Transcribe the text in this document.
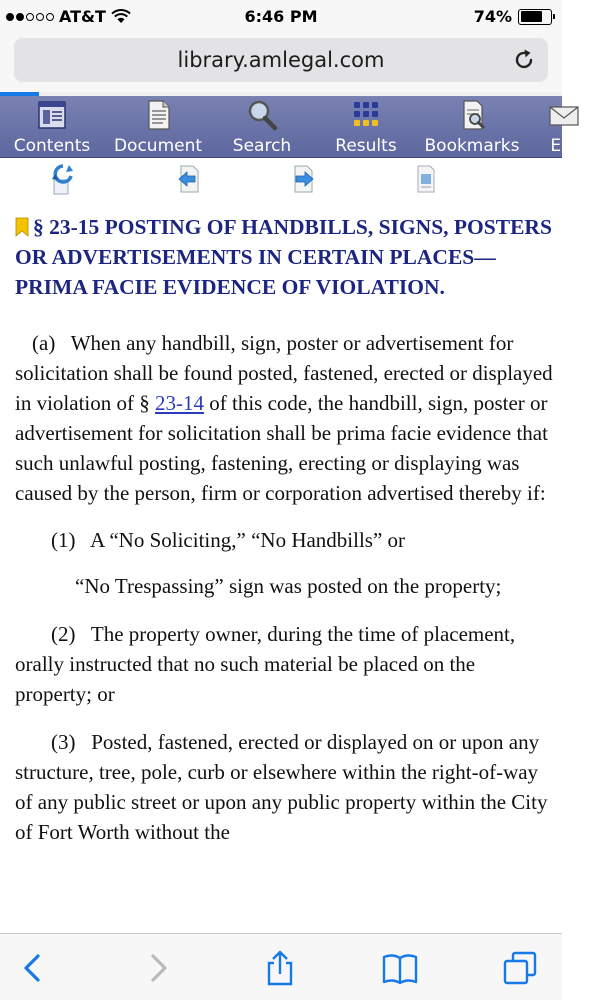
AT&T	6:46 PM	74%
library.amlegal.com
Contents Document Search	Results Bookmarks Em
§ 23-15 POSTING OF HANDBILLS, SIGNS, POSTERS OR ADVERTISEMENTS IN CERTAIN PLACES—PRIMA FACIE EVIDENCE OF VIOLATION.

(a) When any handbill, sign, poster or advertisement for solicitation shall be found posted, fastened, erected or displayed in violation of § 23-14 of this code, the handbill, sign, poster or advertisement for solicitation shall be prima facie evidence that such unlawful posting, fastening, erecting or displaying was caused by the person, firm or corporation advertised thereby if:

(1) A “No Soliciting,” “No Handbills” or

“No Trespassing” sign was posted on the property;

(2) The property owner, during the time of placement, orally instructed that no such material be placed on the property; or

(3) Posted, fastened, erected or displayed on or upon any structure, tree, pole, curb or elsewhere within the right-of-way of any public street or upon any public property within the City of Fort Worth without the
